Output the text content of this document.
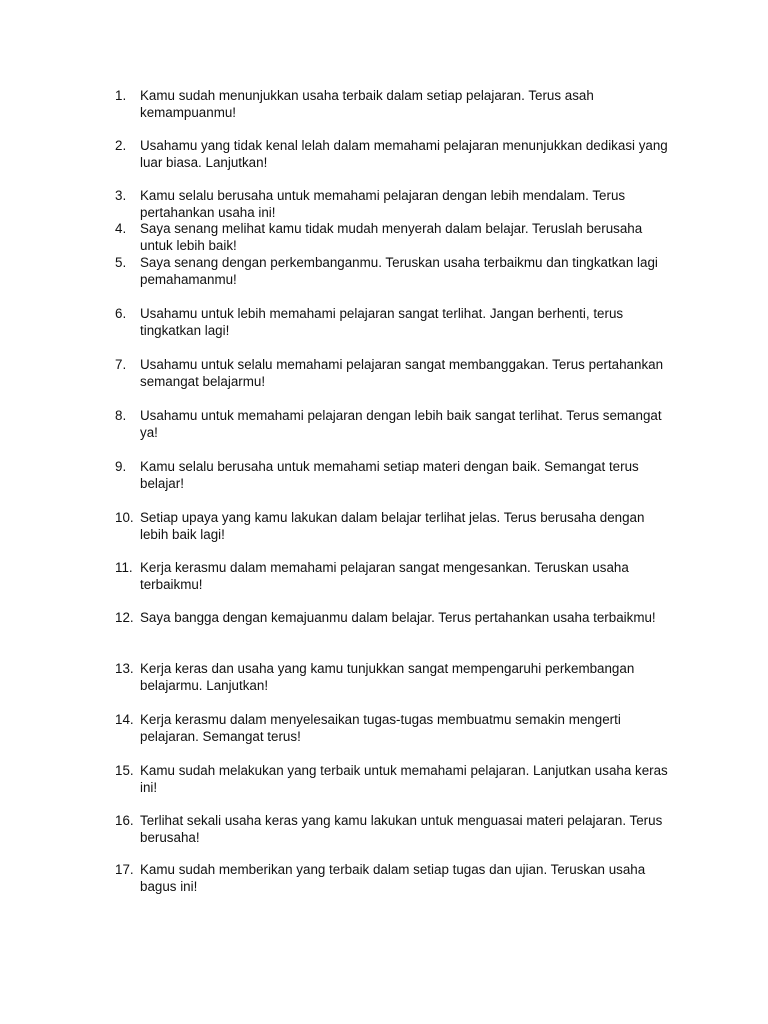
1. Kamu sudah menunjukkan usaha terbaik dalam setiap pelajaran. Terus asah kemampuanmu!
2. Usahamu yang tidak kenal lelah dalam memahami pelajaran menunjukkan dedikasi yang luar biasa. Lanjutkan!
3. Kamu selalu berusaha untuk memahami pelajaran dengan lebih mendalam. Terus pertahankan usaha ini!
4. Saya senang melihat kamu tidak mudah menyerah dalam belajar. Teruslah berusaha untuk lebih baik!
5. Saya senang dengan perkembanganmu. Teruskan usaha terbaikmu dan tingkatkan lagi pemahamanmu!
6. Usahamu untuk lebih memahami pelajaran sangat terlihat. Jangan berhenti, terus tingkatkan lagi!
7. Usahamu untuk selalu memahami pelajaran sangat membanggakan. Terus pertahankan semangat belajarmu!
8. Usahamu untuk memahami pelajaran dengan lebih baik sangat terlihat. Terus semangat ya!
9. Kamu selalu berusaha untuk memahami setiap materi dengan baik. Semangat terus belajar!
10. Setiap upaya yang kamu lakukan dalam belajar terlihat jelas. Terus berusaha dengan lebih baik lagi!
11. Kerja kerasmu dalam memahami pelajaran sangat mengesankan. Teruskan usaha terbaikmu!
12. Saya bangga dengan kemajuanmu dalam belajar. Terus pertahankan usaha terbaikmu!
13. Kerja keras dan usaha yang kamu tunjukkan sangat mempengaruhi perkembangan belajarmu. Lanjutkan!
14. Kerja kerasmu dalam menyelesaikan tugas-tugas membuatmu semakin mengerti pelajaran. Semangat terus!
15. Kamu sudah melakukan yang terbaik untuk memahami pelajaran. Lanjutkan usaha keras ini!
16. Terlihat sekali usaha keras yang kamu lakukan untuk menguasai materi pelajaran. Terus berusaha!
17. Kamu sudah memberikan yang terbaik dalam setiap tugas dan ujian. Teruskan usaha bagus ini!
